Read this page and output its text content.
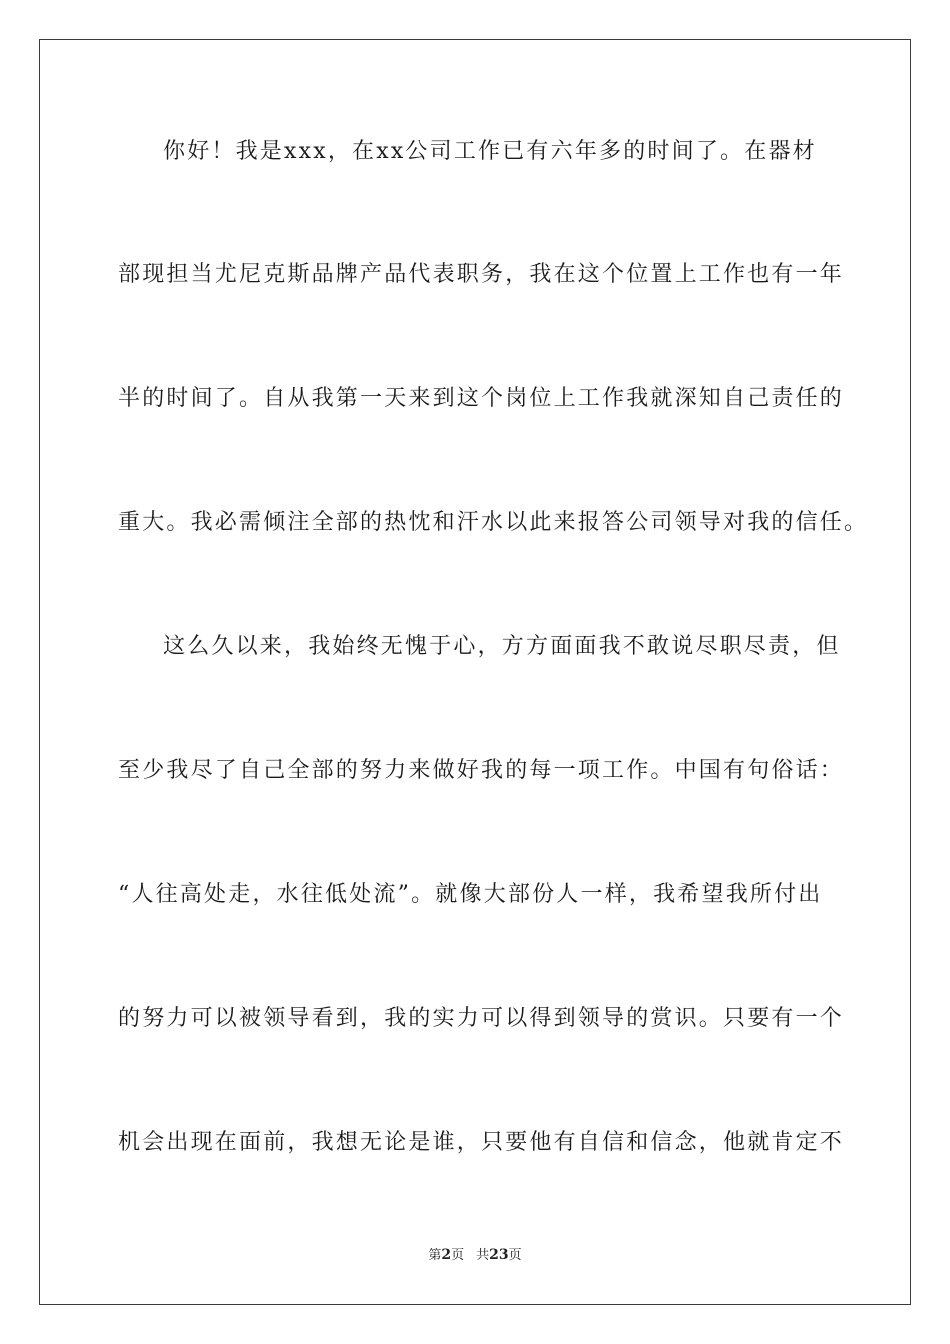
你好！我是xxx，在xx公司工作已有六年多的时间了。在器材
部现担当尤尼克斯品牌产品代表职务，我在这个位置上工作也有一年
半的时间了。自从我第一天来到这个岗位上工作我就深知自己责任的
重大。我必需倾注全部的热忱和汗水以此来报答公司领导对我的信任。
这么久以来，我始终无愧于心，方方面面我不敢说尽职尽责，但
至少我尽了自己全部的努力来做好我的每一项工作。中国有句俗话：
“人往高处走，水往低处流”。就像大部份人一样，我希望我所付出
的努力可以被领导看到，我的实力可以得到领导的赏识。只要有一个
机会出现在面前，我想无论是谁，只要他有自信和信念，他就肯定不
第2页 共23页
